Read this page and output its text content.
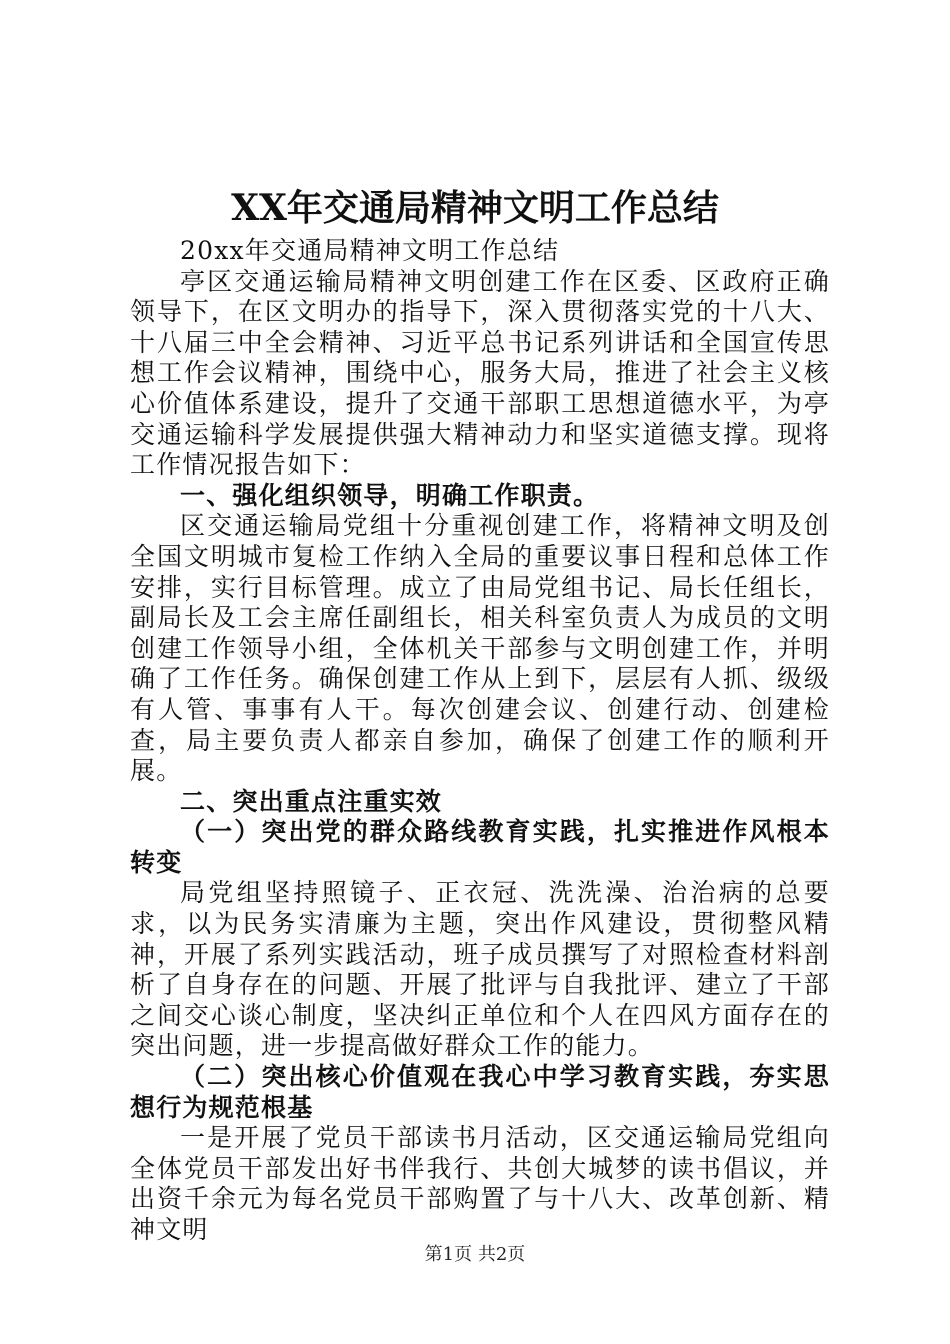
XX年交通局精神文明工作总结

20xx年交通局精神文明工作总结

亭区交通运输局精神文明创建工作在区委、区政府正确领导下，在区文明办的指导下，深入贯彻落实党的十八大、十八届三中全会精神、习近平总书记系列讲话和全国宣传思想工作会议精神，围绕中心，服务大局，推进了社会主义核心价值体系建设，提升了交通干部职工思想道德水平，为亭交通运输科学发展提供强大精神动力和坚实道德支撑。现将工作情况报告如下：

一、强化组织领导，明确工作职责。

区交通运输局党组十分重视创建工作，将精神文明及创全国文明城市复检工作纳入全局的重要议事日程和总体工作安排，实行目标管理。成立了由局党组书记、局长任组长，副局长及工会主席任副组长，相关科室负责人为成员的文明创建工作领导小组，全体机关干部参与文明创建工作，并明确了工作任务。确保创建工作从上到下，层层有人抓、级级有人管、事事有人干。每次创建会议、创建行动、创建检查，局主要负责人都亲自参加，确保了创建工作的顺利开展。

二、突出重点注重实效

（一）突出党的群众路线教育实践，扎实推进作风根本转变

局党组坚持照镜子、正衣冠、洗洗澡、治治病的总要求，以为民务实清廉为主题，突出作风建设，贯彻整风精神，开展了系列实践活动，班子成员撰写了对照检查材料剖析了自身存在的问题、开展了批评与自我批评、建立了干部之间交心谈心制度，坚决纠正单位和个人在四风方面存在的突出问题，进一步提高做好群众工作的能力。

（二）突出核心价值观在我心中学习教育实践，夯实思想行为规范根基

一是开展了党员干部读书月活动，区交通运输局党组向全体党员干部发出好书伴我行、共创大城梦的读书倡议，并出资千余元为每名党员干部购置了与十八大、改革创新、精神文明

第1页 共2页
